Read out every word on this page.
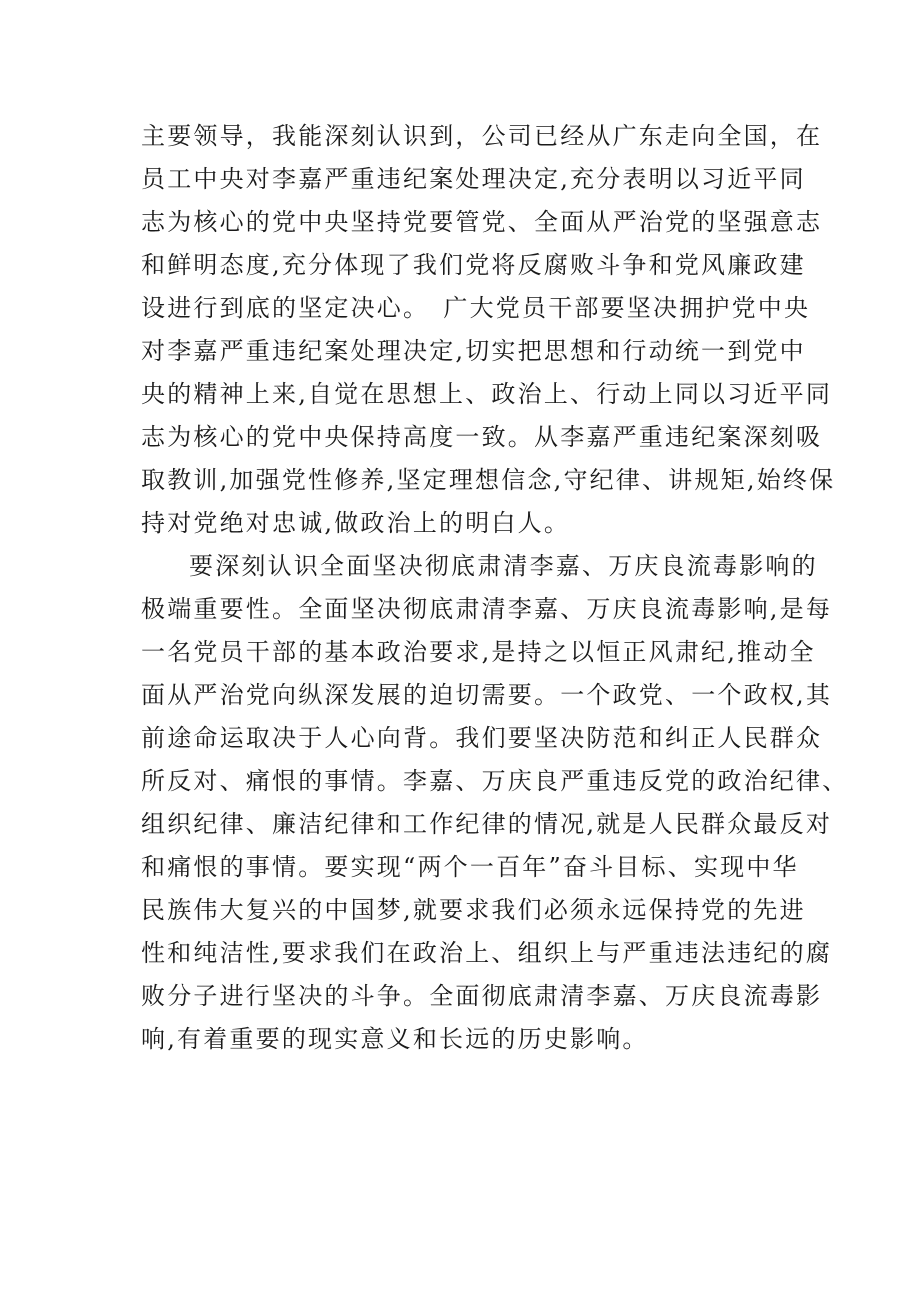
主要领导，我能深刻认识到，公司已经从广东走向全国，在
员工中央对李嘉严重违纪案处理决定,充分表明以习近平同
志为核心的党中央坚持党要管党、全面从严治党的坚强意志
和鲜明态度,充分体现了我们党将反腐败斗争和党风廉政建
设进行到底的坚定决心。　广大党员干部要坚决拥护党中央
对李嘉严重违纪案处理决定,切实把思想和行动统一到党中
央的精神上来,自觉在思想上、政治上、行动上同以习近平同
志为核心的党中央保持高度一致。从李嘉严重违纪案深刻吸
取教训,加强党性修养,坚定理想信念,守纪律、讲规矩,始终保
持对党绝对忠诚,做政治上的明白人。
要深刻认识全面坚决彻底肃清李嘉、万庆良流毒影响的
极端重要性。全面坚决彻底肃清李嘉、万庆良流毒影响,是每
一名党员干部的基本政治要求,是持之以恒正风肃纪,推动全
面从严治党向纵深发展的迫切需要。一个政党、一个政权,其
前途命运取决于人心向背。我们要坚决防范和纠正人民群众
所反对、痛恨的事情。李嘉、万庆良严重违反党的政治纪律、
组织纪律、廉洁纪律和工作纪律的情况,就是人民群众最反对
和痛恨的事情。要实现“两个一百年”奋斗目标、实现中华
民族伟大复兴的中国梦,就要求我们必须永远保持党的先进
性和纯洁性,要求我们在政治上、组织上与严重违法违纪的腐
败分子进行坚决的斗争。全面彻底肃清李嘉、万庆良流毒影
响,有着重要的现实意义和长远的历史影响。
